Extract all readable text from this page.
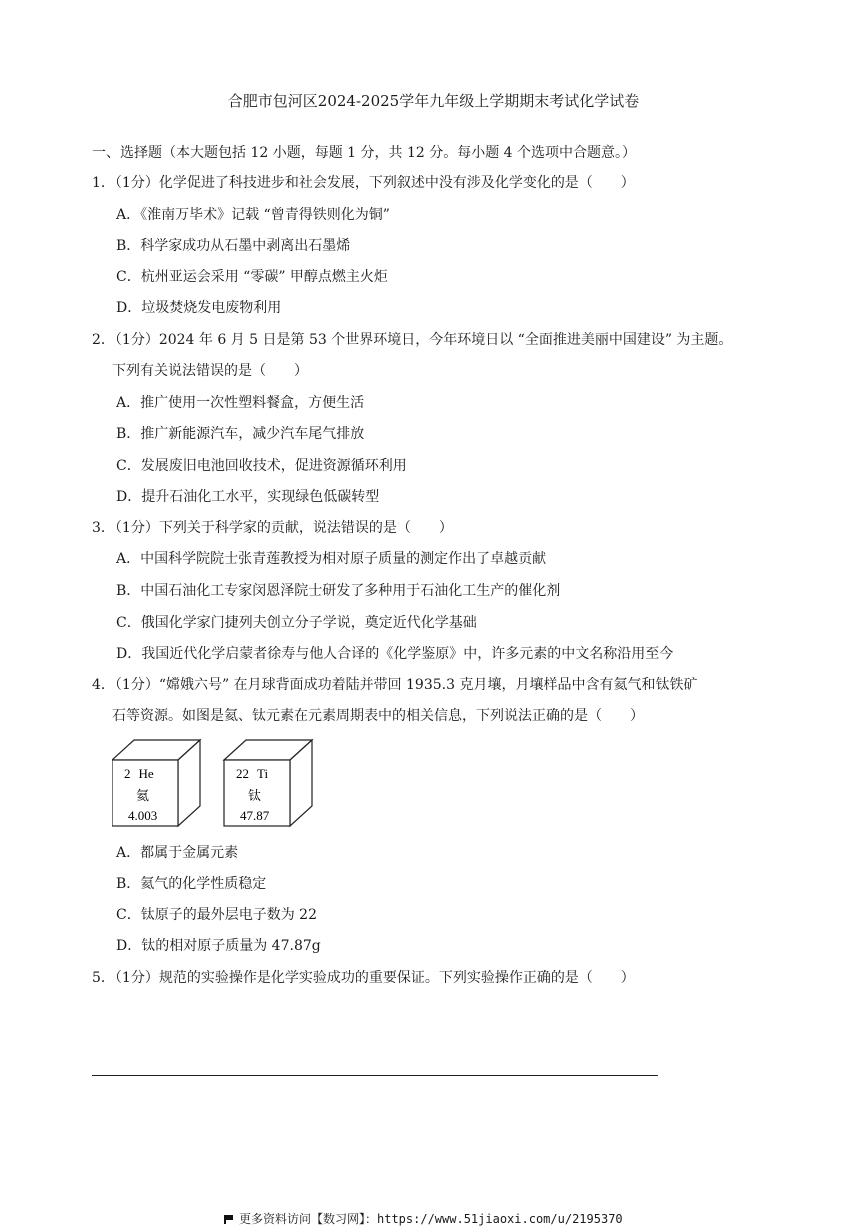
合肥市包河区2024-2025学年九年级上学期期末考试化学试卷
一、选择题（本大题包括 12 小题，每题 1 分，共 12 分。每小题 4 个选项中合题意。）
1．（1分）化学促进了科技进步和社会发展，下列叙述中没有涉及化学变化的是（　　）
A．《淮南万毕术》记载 “曾青得铁则化为铜”
B．科学家成功从石墨中剥离出石墨烯
C．杭州亚运会采用 “零碳” 甲醇点燃主火炬
D．垃圾焚烧发电废物利用
2．（1分）2024 年 6 月 5 日是第 53 个世界环境日，今年环境日以 “全面推进美丽中国建设” 为主题。
下列有关说法错误的是（　　）
A．推广使用一次性塑料餐盒，方便生活
B．推广新能源汽车，减少汽车尾气排放
C．发展废旧电池回收技术，促进资源循环利用
D．提升石油化工水平，实现绿色低碳转型
3．（1分）下列关于科学家的贡献，说法错误的是（　　）
A．中国科学院院士张青莲教授为相对原子质量的测定作出了卓越贡献
B．中国石油化工专家闵恩泽院士研发了多种用于石油化工生产的催化剂
C．俄国化学家门捷列夫创立分子学说，奠定近代化学基础
D．我国近代化学启蒙者徐寿与他人合译的《化学鉴原》中，许多元素的中文名称沿用至今
4．（1分）“嫦娥六号” 在月球背面成功着陆并带回 1935.3 克月壤，月壤样品中含有氦气和钛铁矿
石等资源。如图是氦、钛元素在元素周期表中的相关信息，下列说法正确的是（　　）
2 He
氦
4.003
22 Ti
钛
47.87
A．都属于金属元素
B．氦气的化学性质稳定
C．钛原子的最外层电子数为 22
D．钛的相对原子质量为 47.87g
5．（1分）规范的实验操作是化学实验成功的重要保证。下列实验操作正确的是（　　）
更多资料访问【数习网】：https://www.51jiaoxi.com/u/2195370
